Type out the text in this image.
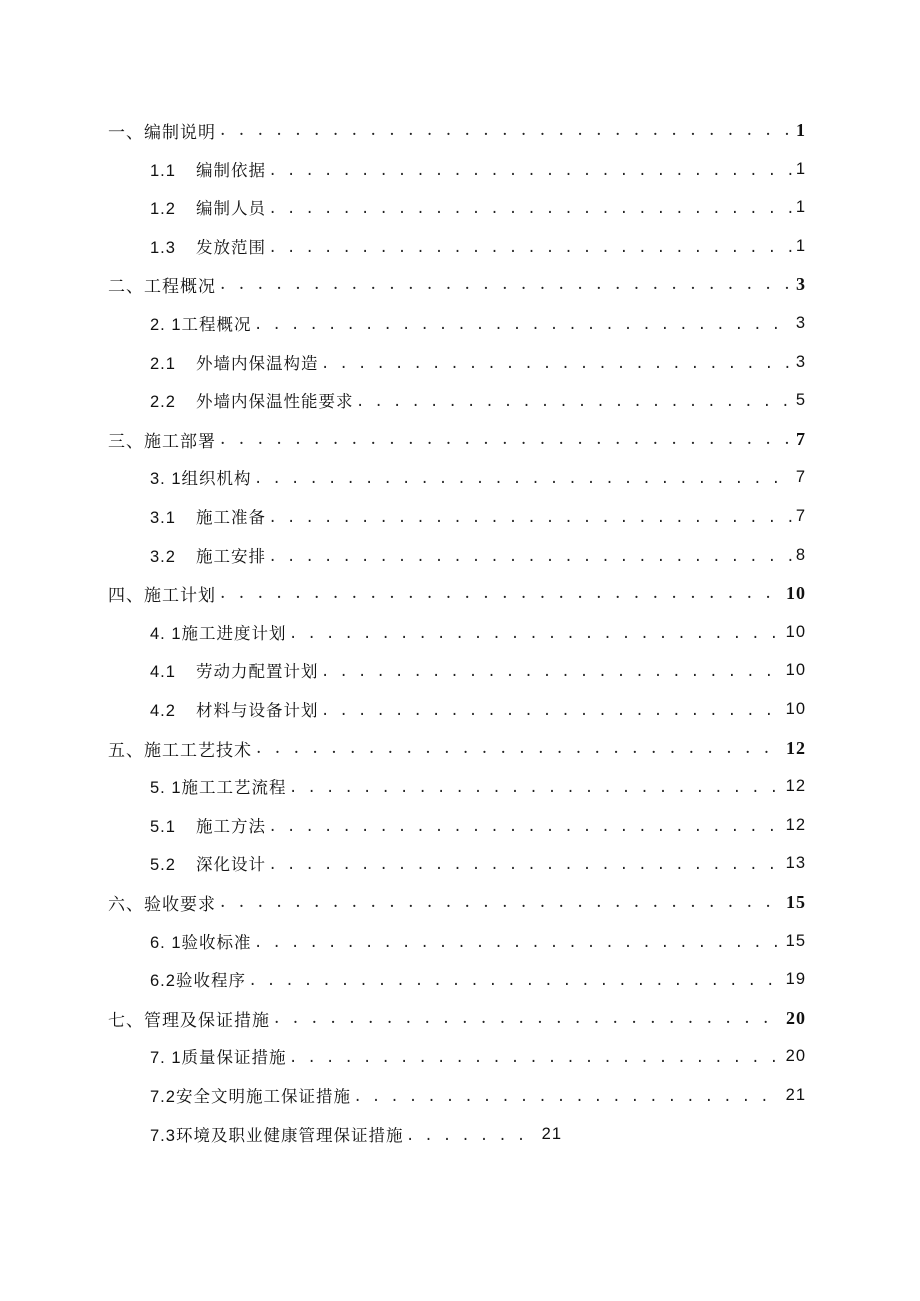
一、编制说明 . . .	1
1.1 编制依据 . . .	1
1.2 编制人员 . . .	1
1.3 发放范围 . . .	1
二、工程概况 . . .	3
2. 1工程概况 . . .	3
2.1 外墙内保温构造 . . .	3
2.2 外墙内保温性能要求 . . .	5
三、施工部署 . . .	7
3. 1组织机构 . . .	7
3.1 施工准备 . . .	7
3.2 施工安排 . . .	8
四、施工计划 . . .	10
4. 1施工进度计划 . . .	10
4.1 劳动力配置计划 . . .	10
4.2 材料与设备计划 . . .	10
五、施工工艺技术 . . .	12
5. 1施工工艺流程 . . .	12
5.1 施工方法 . . .	12
5.2 深化设计 . . .	13
六、验收要求 . . .	15
6. 1验收标准 . . .	15
6.2验收程序 . . .	19
七、管理及保证措施 . . .	20
7. 1质量保证措施 . . .	20
7.2安全文明施工保证措施 . . .	21
7.3环境及职业健康管理保证措施 . . .	21
